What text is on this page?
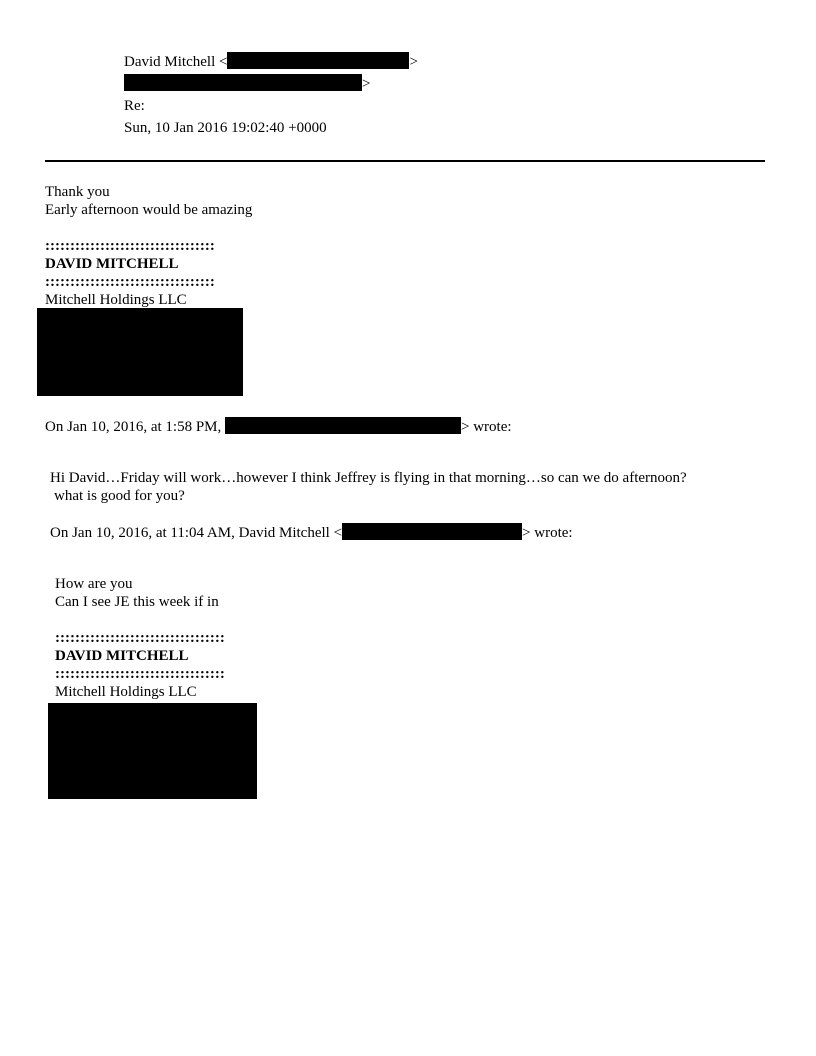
David Mitchell <	>
>
Re:
Sun, 10 Jan 2016 19:02:40 +0000
Thank you
Early afternoon would be amazing
::::::::::::::::::::::::::::::::::
DAVID MITCHELL
::::::::::::::::::::::::::::::::::
Mitchell Holdings LLC
On Jan 10, 2016, at 1:58 PM,	> wrote:
Hi David…Friday will work…however I think Jeffrey is flying in that morning…so can we do afternoon?
what is good for you?
On Jan 10, 2016, at 11:04 AM, David Mitchell <	> wrote:
How are you
Can I see JE this week if in
::::::::::::::::::::::::::::::::::
DAVID MITCHELL
::::::::::::::::::::::::::::::::::
Mitchell Holdings LLC
